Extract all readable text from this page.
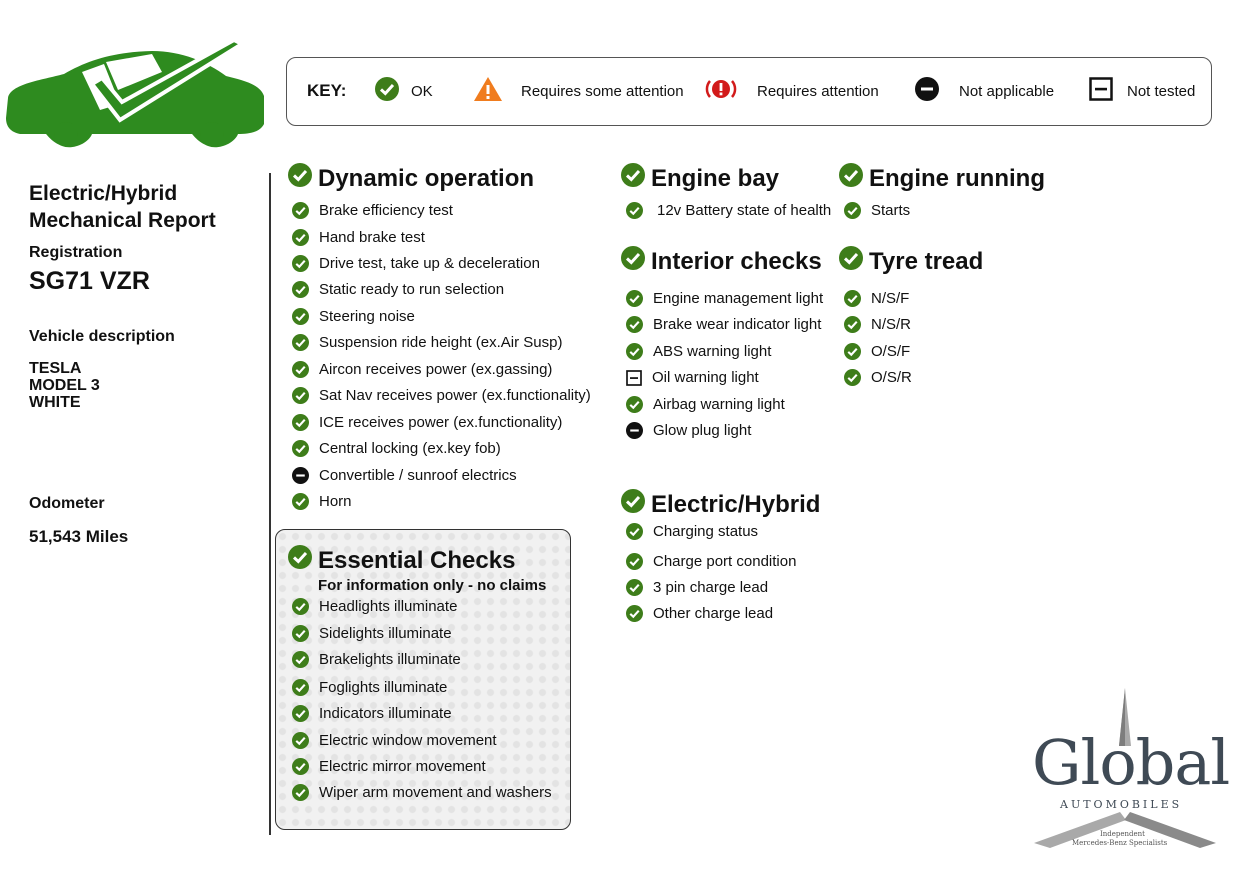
KEY:	OK	Requires some attention	Requires attention	Not applicable	Not tested
Electric/Hybrid
Mechanical Report
Registration
SG71 VZR
Vehicle description
TESLA
MODEL 3
WHITE
Odometer
51,543 Miles
Dynamic operation	Engine bay	Engine running
Interior checks Tyre tread
Electric/Hybrid
Essential Checks
For information only - no claims
Brake efficiency test
Hand brake test
Drive test, take up & deceleration
Static ready to run selection
Steering noise
Suspension ride height (ex.Air Susp)
Aircon receives power (ex.gassing)
Sat Nav receives power (ex.functionality)
ICE receives power (ex.functionality)
Central locking (ex.key fob)
Convertible / sunroof electrics
Horn
Headlights illuminate
Sidelights illuminate
Brakelights illuminate
Foglights illuminate
Indicators illuminate
Electric window movement
Electric mirror movement
Wiper arm movement and washers
12v Battery state of health	Starts
Engine management light
Brake wear indicator light
ABS warning light
Oil warning light
Airbag warning light
Glow plug light
N/S/F
N/S/R
O/S/F
O/S/R
Charging status
Charge port condition
3 pin charge lead
Other charge lead
Global
AUTOMOBILES
Independent
Mercedes-Benz Specialists
